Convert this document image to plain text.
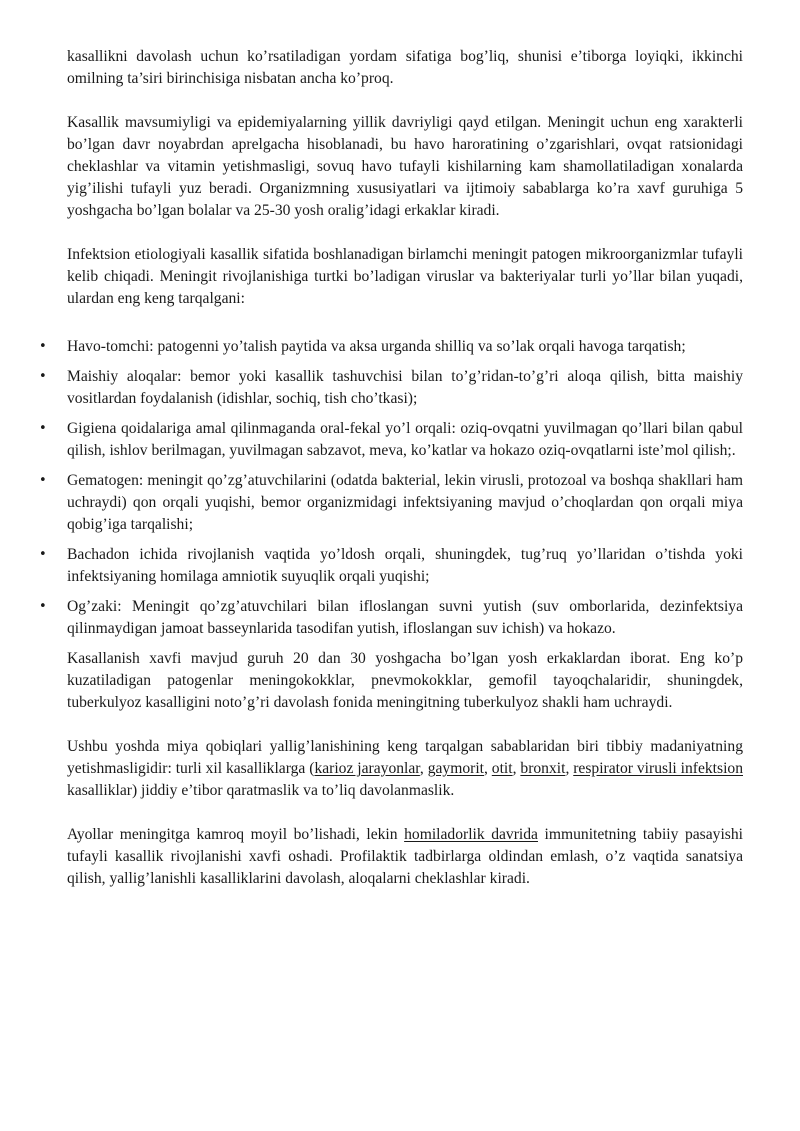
kasallikni davolash uchun ko’rsatiladigan yordam sifatiga bog’liq, shunisi e’tiborga loyiqki, ikkinchi omilning ta’siri birinchisiga nisbatan ancha ko’proq.

Kasallik mavsumiyligi va epidemiyalarning yillik davriyligi qayd etilgan. Meningit uchun eng xarakterli bo’lgan davr noyabrdan aprelgacha hisoblanadi, bu havo haroratining o’zgarishlari, ovqat ratsionidagi cheklashlar va vitamin yetishmasligi, sovuq havo tufayli kishilarning kam shamollatiladigan xonalarda yig’ilishi tufayli yuz beradi. Organizmning xususiyatlari va ijtimoiy sabablarga ko’ra xavf guruhiga 5 yoshgacha bo’lgan bolalar va 25-30 yosh oralig’idagi erkaklar kiradi.

Infektsion etiologiyali kasallik sifatida boshlanadigan birlamchi meningit patogen mikroorganizmlar tufayli kelib chiqadi. Meningit rivojlanishiga turtki bo’ladigan viruslar va bakteriyalar turli yo’llar bilan yuqadi, ulardan eng keng tarqalgani:

• Havo-tomchi: patogenni yo’talish paytida va aksa urganda shilliq va so’lak orqali havoga tarqatish;
• Maishiy aloqalar: bemor yoki kasallik tashuvchisi bilan to’g’ridan-to’g’ri aloqa qilish, bitta maishiy vositlardan foydalanish (idishlar, sochiq, tish cho’tkasi);
• Gigiena qoidalariga amal qilinmaganda oral-fekal yo’l orqali: oziq-ovqatni yuvilmagan qo’llari bilan qabul qilish, ishlov berilmagan, yuvilmagan sabzavot, meva, ko’katlar va hokazo oziq-ovqatlarni iste’mol qilish;.
• Gematogen: meningit qo’zg’atuvchilarini (odatda bakterial, lekin virusli, protozoal va boshqa shakllari ham uchraydi) qon orqali yuqishi, bemor organizmidagi infektsiyaning mavjud o’choqlardan qon orqali miya qobig’iga tarqalishi;
• Bachadon ichida rivojlanish vaqtida yo’ldosh orqali, shuningdek, tug’ruq yo’llaridan o’tishda yoki infektsiyaning homilaga amniotik suyuqlik orqali yuqishi;
• Og’zaki: Meningit qo’zg’atuvchilari bilan ifloslangan suvni yutish (suv omborlarida, dezinfektsiya qilinmaydigan jamoat basseynlarida tasodifan yutish, ifloslangan suv ichish) va hokazo.

Kasallanish xavfi mavjud guruh 20 dan 30 yoshgacha bo’lgan yosh erkaklardan iborat. Eng ko’p kuzatiladigan patogenlar meningokokklar, pnevmokokklar, gemofil tayoqchalaridir, shuningdek, tuberkulyoz kasalligini noto’g’ri davolash fonida meningitning tuberkulyoz shakli ham uchraydi.

Ushbu yoshda miya qobiqlari yallig’lanishining keng tarqalgan sabablaridan biri tibbiy madaniyatning yetishmasligidir: turli xil kasalliklarga (karioz jarayonlar, gaymorit, otit, bronxit, respirator virusli infektsion kasalliklar) jiddiy e’tibor qaratmaslik va to’liq davolanmaslik.

Ayollar meningitga kamroq moyil bo’lishadi, lekin homiladorlik davrida immunitetning tabiiy pasayishi tufayli kasallik rivojlanishi xavfi oshadi. Profilaktik tadbirlarga oldindan emlash, o’z vaqtida sanatsiya qilish, yallig’lanishli kasalliklarini davolash, aloqalarni cheklashlar kiradi.
